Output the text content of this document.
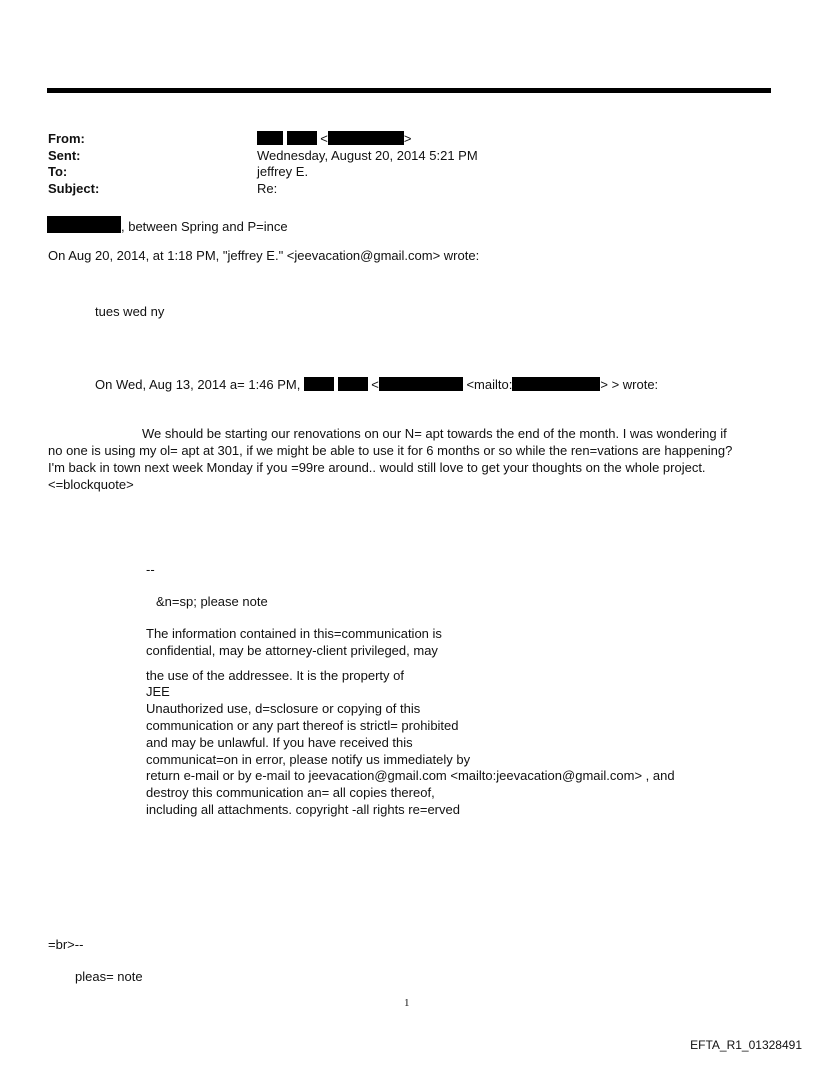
From:	<	>
Sent:	Wednesday, August 20, 2014 5:21 PM
To:	jeffrey E.
Subject:	Re:
, between Spring and P=ince
On Aug 20, 2014, at 1:18 PM, "jeffrey E." <jeevacation@gmail.com> wrote:
tues wed ny
On Wed, Aug 13, 2014 a= 1:46 PM,	<	<mailto:	> > wrote:
We should be starting our renovations on our N= apt towards the end of the month. I was wondering if
no one is using my ol= apt at 301, if we might be able to use it for 6 months or so while the ren=vations are happening?
I'm back in town next week Monday if you =99re around.. would still love to get your thoughts on the whole project.
<=blockquote>
--
&n=sp; please note
The information contained in this=communication is
confidential, may be attorney-client privileged, may
the use of the addressee. It is the property of
JEE
Unauthorized use, d=sclosure or copying of this
communication or any part thereof is strictl= prohibited
and may be unlawful. If you have received this
communicat=on in error, please notify us immediately by
return e-mail or by e-mail to jeevacation@gmail.com <mailto:jeevacation@gmail.com> , and
destroy this communication an= all copies thereof,
including all attachments. copyright -all rights re=erved
=br>--
pleas= note
1
EFTA_R1_01328491
